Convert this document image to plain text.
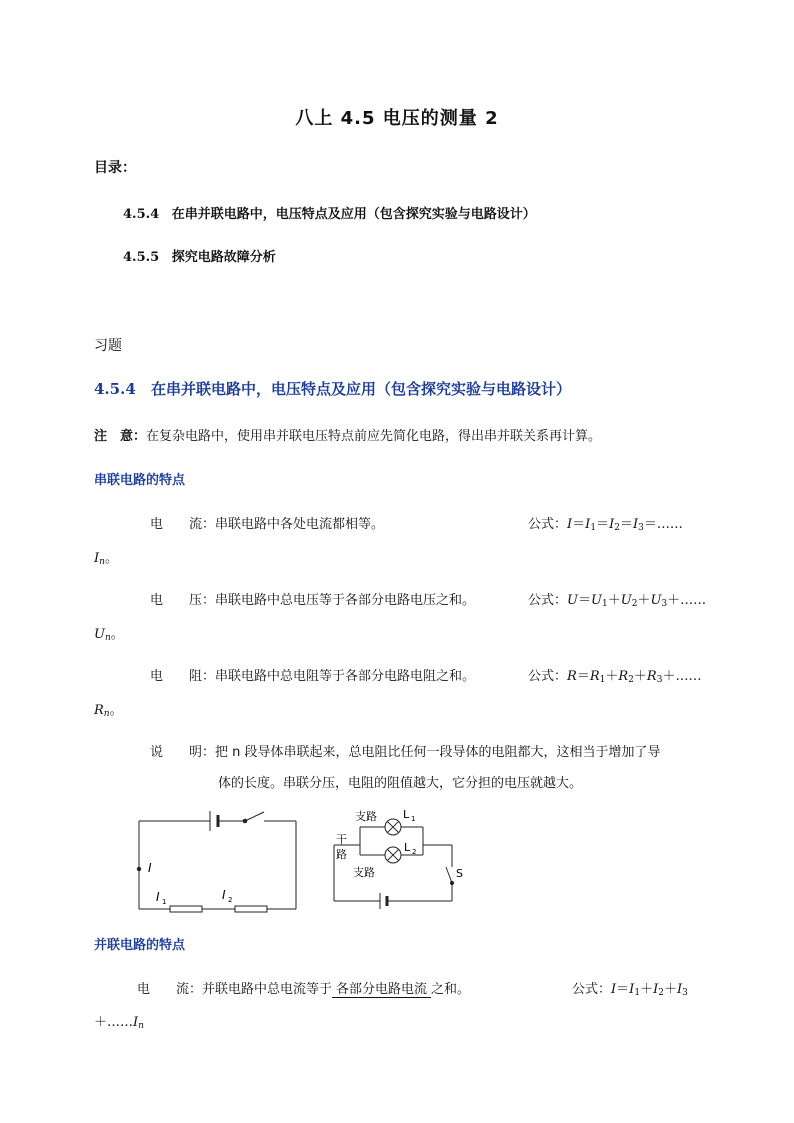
八上 4.5 电压的测量 2
目录：
4.5.4 在串并联电路中，电压特点及应用（包含探究实验与电路设计）
4.5.5 探究电路故障分析
习题
4.5.4 在串并联电路中，电压特点及应用（包含探究实验与电路设计）
注　意：在复杂电路中，使用串并联电压特点前应先简化电路，得出串并联关系再计算。
串联电路的特点
电　　流：串联电路中各处电流都相等。	公式：$I=I_1=I_2=I_3=\dots\dots$
$I_n$。
电　　压：串联电路中总电压等于各部分电路电压之和。	公式：$U=U_1+U_2+U_3+\dots\dots$
$U_n$。
电　　阻：串联电路中总电阻等于各部分电路电阻之和。	公式：$R=R_1+R_2+R_3+\dots\dots$
$R_n$。
说　　明：把 n 段导体串联起来，总电阻比任何一段导体的电阻都大，这相当于增加了导
体的长度。串联分压，电阻的阻值越大，它分担的电压就越大。
I
I 1	I 2
支路
支路
干
路
L 1
L 2
S
并联电路的特点
电　　流：并联电路中总电流等于 各部分电路电流 之和。	公式：$I=I_1+I_2+I_3$
$+\dots\dots I_n$
